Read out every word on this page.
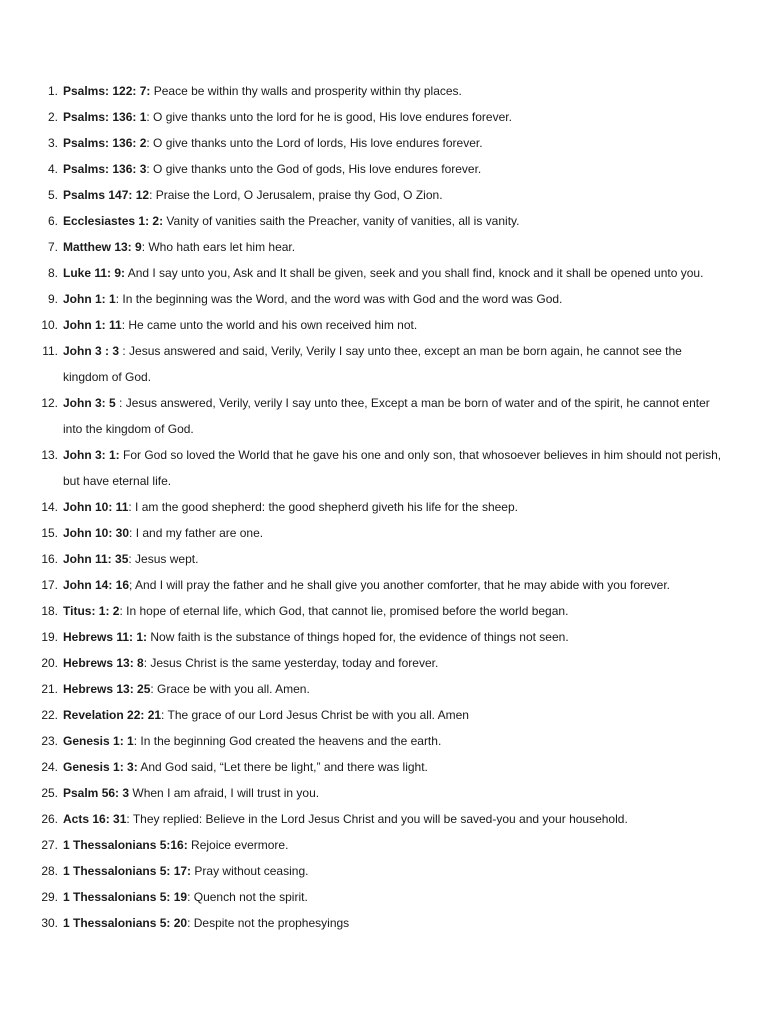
1. Psalms: 122: 7: Peace be within thy walls and prosperity within thy places.
2. Psalms: 136: 1: O give thanks unto the lord for he is good, His love endures forever.
3. Psalms: 136: 2: O give thanks unto the Lord of lords, His love endures forever.
4. Psalms: 136: 3: O give thanks unto the God of gods, His love endures forever.
5. Psalms 147: 12: Praise the Lord, O Jerusalem, praise thy God, O Zion.
6. Ecclesiastes 1: 2: Vanity of vanities saith the Preacher, vanity of vanities, all is vanity.
7. Matthew 13: 9: Who hath ears let him hear.
8. Luke 11: 9: And I say unto you, Ask and It shall be given, seek and you shall find, knock and it shall be opened unto you.
9. John 1: 1: In the beginning was the Word, and the word was with God and the word was God.
10. John 1: 11: He came unto the world and his own received him not.
11. John 3 : 3 : Jesus answered and said, Verily, Verily I say unto thee, except an man be born again, he cannot see the kingdom of God.
12. John 3: 5 : Jesus answered, Verily, verily I say unto thee, Except a man be born of water and of the spirit, he cannot enter into the kingdom of God.
13. John 3: 1: For God so loved the World that he gave his one and only son, that whosoever believes in him should not perish, but have eternal life.
14. John 10: 11: I am the good shepherd: the good shepherd giveth his life for the sheep.
15. John 10: 30: I and my father are one.
16. John 11: 35: Jesus wept.
17. John 14: 16; And I will pray the father and he shall give you another comforter, that he may abide with you forever.
18. Titus: 1: 2: In hope of eternal life, which God, that cannot lie, promised before the world began.
19. Hebrews 11: 1: Now faith is the substance of things hoped for, the evidence of things not seen.
20. Hebrews 13: 8: Jesus Christ is the same yesterday, today and forever.
21. Hebrews 13: 25: Grace be with you all. Amen.
22. Revelation 22: 21: The grace of our Lord Jesus Christ be with you all. Amen
23. Genesis 1: 1: In the beginning God created the heavens and the earth.
24. Genesis 1: 3: And God said, “Let there be light,” and there was light.
25. Psalm 56: 3 When I am afraid, I will trust in you.
26. Acts 16: 31: They replied: Believe in the Lord Jesus Christ and you will be saved-you and your household.
27. 1 Thessalonians 5:16: Rejoice evermore.
28. 1 Thessalonians 5: 17: Pray without ceasing.
29. 1 Thessalonians 5: 19: Quench not the spirit.
30. 1 Thessalonians 5: 20: Despite not the prophesyings
